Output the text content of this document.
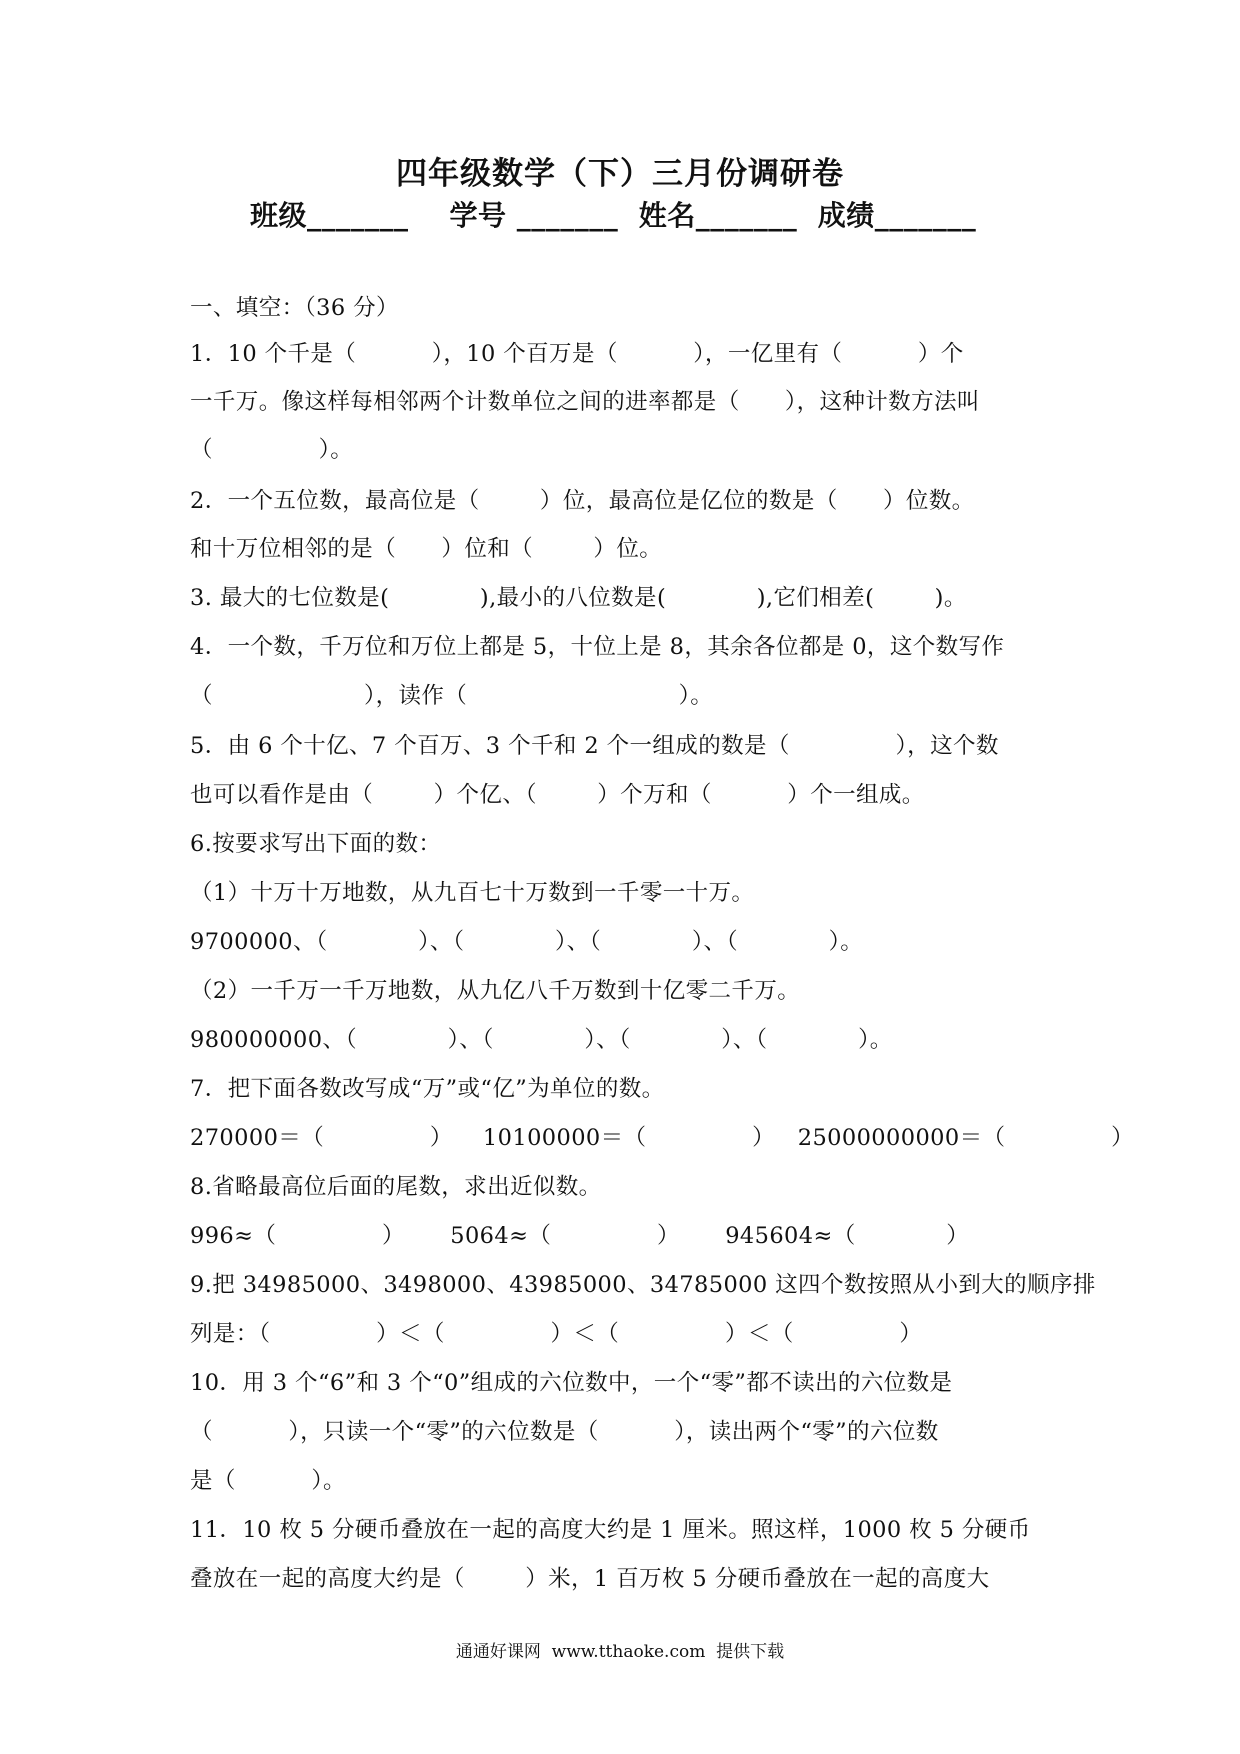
四年级数学（下）三月份调研卷
班级_______    学号 _______  姓名_______  成绩_______
一、填空：（36 分）
1．10 个千是（          ），10 个百万是（          ），一亿里有（          ）个
一千万。像这样每相邻两个计数单位之间的进率都是（      ），这种计数方法叫
（              ）。
2．一个五位数，最高位是（        ）位，最高位是亿位的数是（      ）位数。
和十万位相邻的是（      ）位和（        ）位。
3. 最大的七位数是(            ),最小的八位数是(            ),它们相差(        )。
4．一个数，千万位和万位上都是 5，十位上是 8，其余各位都是 0，这个数写作
（                    ），读作（                            ）。
5．由 6 个十亿、7 个百万、3 个千和 2 个一组成的数是（              ），这个数
也可以看作是由（        ）个亿、（        ）个万和（          ）个一组成。
6.按要求写出下面的数：
（1）十万十万地数，从九百七十万数到一千零一十万。
9700000、（            ）、（            ）、（            ）、（            ）。
（2）一千万一千万地数，从九亿八千万数到十亿零二千万。
980000000、（            ）、（            ）、（            ）、（            ）。
7．把下面各数改写成“万”或“亿”为单位的数。
270000＝（              ）    10100000＝（              ）   25000000000＝（              ）
8.省略最高位后面的尾数，求出近似数。
996≈（              ）      5064≈（              ）      945604≈（            ）
9.把 34985000、3498000、43985000、34785000 这四个数按照从小到大的顺序排
列是：（              ）＜（              ）＜（              ）＜（              ）
10．用 3 个“6”和 3 个“0”组成的六位数中，一个“零”都不读出的六位数是
（          ），只读一个“零”的六位数是（          ），读出两个“零”的六位数
是（          ）。
11．10 枚 5 分硬币叠放在一起的高度大约是 1 厘米。照这样，1000 枚 5 分硬币
叠放在一起的高度大约是（        ）米，1 百万枚 5 分硬币叠放在一起的高度大
通通好课网  www.tthaoke.com  提供下载
